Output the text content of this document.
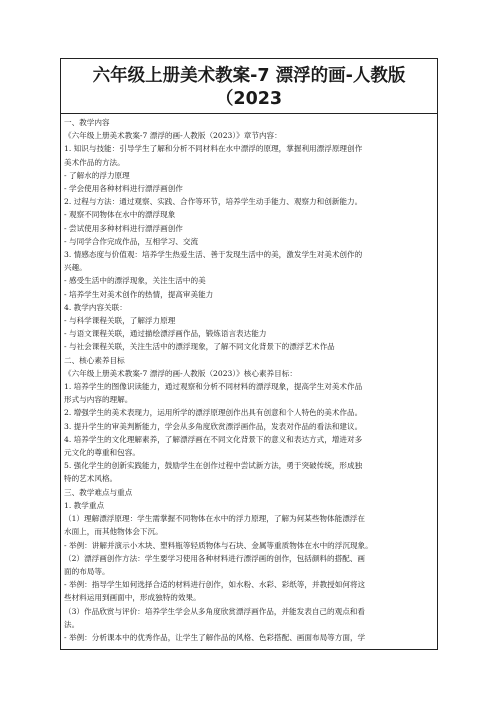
六年级上册美术教案-7 漂浮的画-人教版
（2023
一、教学内容
《六年级上册美术教案-7 漂浮的画-人教版（2023）》章节内容：
1. 知识与技能：引导学生了解和分析不同材料在水中漂浮的原理，掌握利用漂浮原理创作
美术作品的方法。
- 了解水的浮力原理
- 学会使用各种材料进行漂浮画创作
2. 过程与方法：通过观察、实践、合作等环节，培养学生动手能力、观察力和创新能力。
- 观察不同物体在水中的漂浮现象
- 尝试使用多种材料进行漂浮画创作
- 与同学合作完成作品，互相学习、交流
3. 情感态度与价值观：培养学生热爱生活、善于发现生活中的美，激发学生对美术创作的
兴趣。
- 感受生活中的漂浮现象，关注生活中的美
- 培养学生对美术创作的热情，提高审美能力
4. 教学内容关联：
- 与科学课程关联，了解浮力原理
- 与语文课程关联，通过描绘漂浮画作品，锻炼语言表达能力
- 与社会课程关联，关注生活中的漂浮现象，了解不同文化背景下的漂浮艺术作品
二、核心素养目标
《六年级上册美术教案-7 漂浮的画-人教版（2023）》核心素养目标：
1. 培养学生的图像识读能力，通过观察和分析不同材料的漂浮现象，提高学生对美术作品
形式与内容的理解。
2. 增强学生的美术表现力，运用所学的漂浮原理创作出具有创意和个人特色的美术作品。
3. 提升学生的审美判断能力，学会从多角度欣赏漂浮画作品，发表对作品的看法和建议。
4. 培养学生的文化理解素养，了解漂浮画在不同文化背景下的意义和表达方式，增进对多
元文化的尊重和包容。
5. 强化学生的创新实践能力，鼓励学生在创作过程中尝试新方法，勇于突破传统，形成独
特的艺术风格。
三、教学难点与重点
1. 教学重点
（1）理解漂浮原理：学生需掌握不同物体在水中的浮力原理，了解为何某些物体能漂浮在
水面上，而其他物体会下沉。
- 举例：讲解并演示小木块、塑料瓶等轻质物体与石块、金属等重质物体在水中的浮沉现象。
（2）漂浮画创作方法：学生要学习使用各种材料进行漂浮画的创作，包括颜料的搭配、画
面的布局等。
- 举例：指导学生如何选择合适的材料进行创作，如水粉、水彩、彩纸等，并教授如何将这
些材料运用到画面中，形成独特的效果。
（3）作品欣赏与评价：培养学生学会从多角度欣赏漂浮画作品，并能发表自己的观点和看
法。
- 举例：分析课本中的优秀作品，让学生了解作品的风格、色彩搭配、画面布局等方面，学
